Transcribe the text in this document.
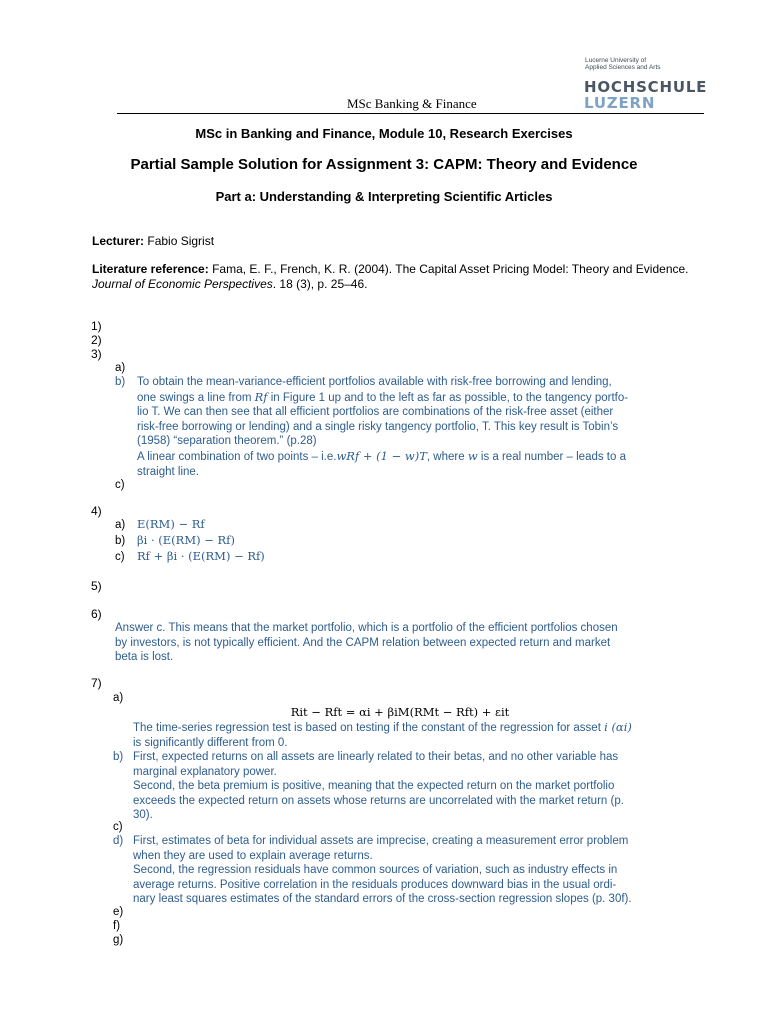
Lucerne University of
Applied Sciences and Arts
HOCHSCHULE
LUZERN
MSc Banking & Finance
MSc in Banking and Finance, Module 10, Research Exercises
Partial Sample Solution for Assignment 3: CAPM: Theory and Evidence
Part a: Understanding & Interpreting Scientific Articles
Lecturer: Fabio Sigrist
Literature reference: Fama, E. F., French, K. R. (2004). The Capital Asset Pricing Model: Theory and Evidence. Journal of Economic Perspectives. 18 (3), p. 25–46.
1)
2)
3)
a)
b) To obtain the mean-variance-efficient portfolios available with risk-free borrowing and lending,
one swings a line from Rf in Figure 1 up and to the left as far as possible, to the tangency portfo-
lio T. We can then see that all efficient portfolios are combinations of the risk-free asset (either
risk-free borrowing or lending) and a single risky tangency portfolio, T. This key result is Tobin’s
(1958) “separation theorem.” (p.28)
A linear combination of two points – i.e.wRf + (1 − w)T, where w is a real number – leads to a
straight line.
c)
4)
a) E(RM) − Rf
b) βi · (E(RM) − Rf)
c) Rf + βi · (E(RM) − Rf)
5)
6)
Answer c. This means that the market portfolio, which is a portfolio of the efficient portfolios chosen
by investors, is not typically efficient. And the CAPM relation between expected return and market
beta is lost.
7)
a)
Rit − Rft = αi + βiM(RMt − Rft) + εit
The time-series regression test is based on testing if the constant of the regression for asset i (αi)
is significantly different from 0.
b) First, expected returns on all assets are linearly related to their betas, and no other variable has
marginal explanatory power.
Second, the beta premium is positive, meaning that the expected return on the market portfolio
exceeds the expected return on assets whose returns are uncorrelated with the market return (p.
30).
c)
d) First, estimates of beta for individual assets are imprecise, creating a measurement error problem
when they are used to explain average returns.
Second, the regression residuals have common sources of variation, such as industry effects in
average returns. Positive correlation in the residuals produces downward bias in the usual ordi-
nary least squares estimates of the standard errors of the cross-section regression slopes (p. 30f).
e)
f)
g)
